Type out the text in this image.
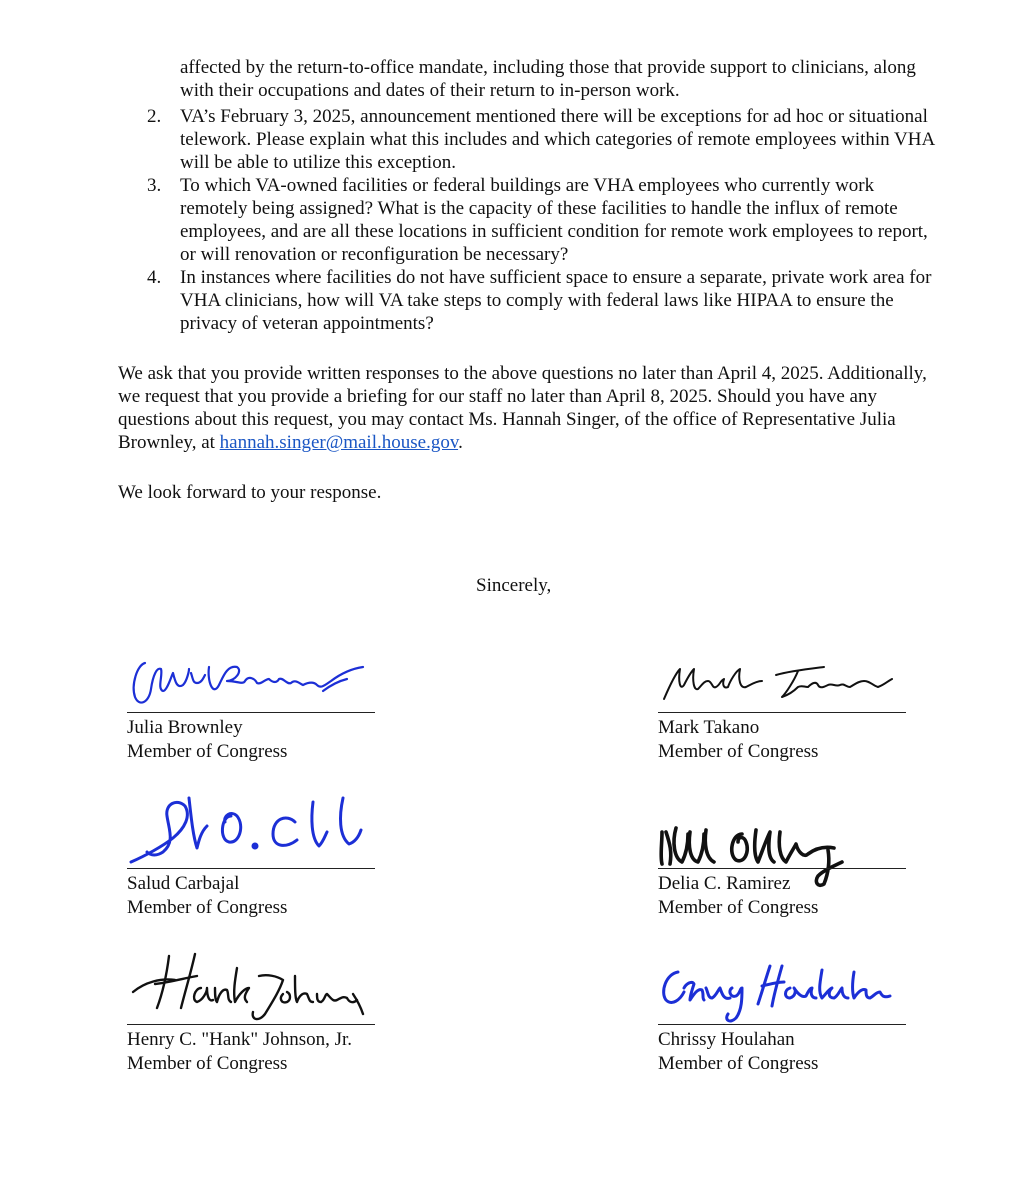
affected by the return-to-office mandate, including those that provide support to clinicians, along with their occupations and dates of their return to in-person work.

2. VA’s February 3, 2025, announcement mentioned there will be exceptions for ad hoc or situational telework. Please explain what this includes and which categories of remote employees within VHA will be able to utilize this exception.
3. To which VA-owned facilities or federal buildings are VHA employees who currently work remotely being assigned? What is the capacity of these facilities to handle the influx of remote employees, and are all these locations in sufficient condition for remote work employees to report, or will renovation or reconfiguration be necessary?
4. In instances where facilities do not have sufficient space to ensure a separate, private work area for VHA clinicians, how will VA take steps to comply with federal laws like HIPAA to ensure the privacy of veteran appointments?

We ask that you provide written responses to the above questions no later than April 4, 2025. Additionally, we request that you provide a briefing for our staff no later than April 8, 2025. Should you have any questions about this request, you may contact Ms. Hannah Singer, of the office of Representative Julia Brownley, at hannah.singer@mail.house.gov.

We look forward to your response.

Sincerely,
Julia Brownley
Member of Congress
Mark Takano
Member of Congress
Salud Carbajal
Member of Congress
Delia C. Ramirez
Member of Congress
Henry C. "Hank" Johnson, Jr.
Member of Congress
Chrissy Houlahan
Member of Congress
